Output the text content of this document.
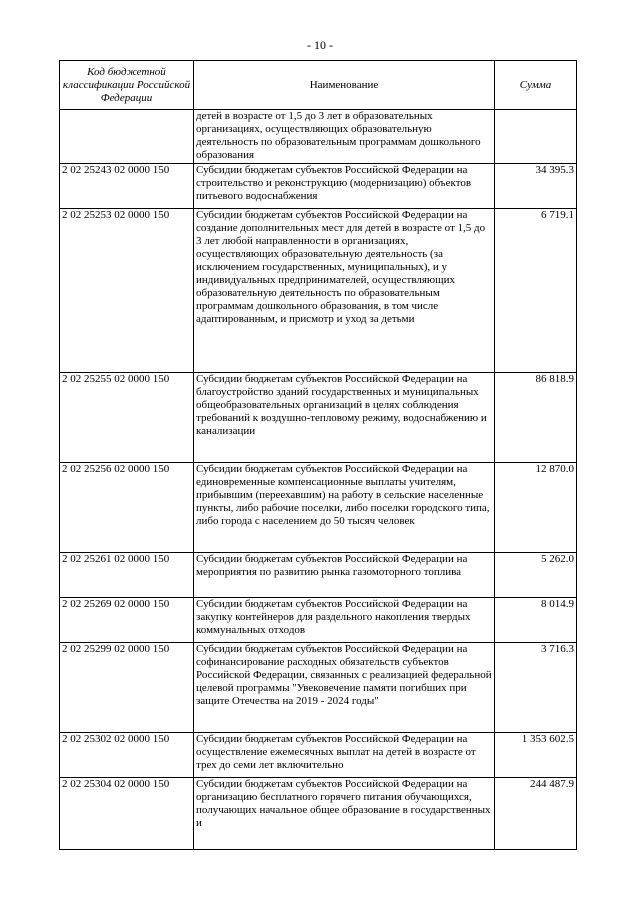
- 10 -
Код бюджетной классификации Российской Федерации	Наименование	Сумма
	детей в возрасте от 1,5 до 3 лет в образовательных организациях, осуществляющих образовательную деятельность по образовательным программам дошкольного образования	
2 02 25243 02 0000 150	Субсидии бюджетам субъектов Российской Федерации на строительство и реконструкцию (модернизацию) объектов питьевого водоснабжения	34 395.3
2 02 25253 02 0000 150	Субсидии бюджетам субъектов Российской Федерации на создание дополнительных мест для детей в возрасте от 1,5 до 3 лет любой направленности в организациях, осуществляющих образовательную деятельность (за исключением государственных, муниципальных), и у индивидуальных предпринимателей, осуществляющих образовательную деятельность по образовательным программам дошкольного образования, в том числе адаптированным, и присмотр и уход за детьми	6 719.1
2 02 25255 02 0000 150	Субсидии бюджетам субъектов Российской Федерации на благоустройство зданий государственных и муниципальных общеобразовательных организаций в целях соблюдения требований к воздушно-тепловому режиму, водоснабжению и канализации	86 818.9
2 02 25256 02 0000 150	Субсидии бюджетам субъектов Российской Федерации на единовременные компенсационные выплаты учителям, прибывшим (переехавшим) на работу в сельские населенные пункты, либо рабочие поселки, либо поселки городского типа, либо города с населением до 50 тысяч человек	12 870.0
2 02 25261 02 0000 150	Субсидии бюджетам субъектов Российской Федерации на мероприятия по развитию рынка газомоторного топлива	5 262.0
2 02 25269 02 0000 150	Субсидии бюджетам субъектов Российской Федерации на закупку контейнеров для раздельного накопления твердых коммунальных отходов	8 014.9
2 02 25299 02 0000 150	Субсидии бюджетам субъектов Российской Федерации на софинансирование расходных обязательств субъектов Российской Федерации, связанных с реализацией федеральной целевой программы "Увековечение памяти погибших при защите Отечества на 2019 - 2024 годы"	3 716.3
2 02 25302 02 0000 150	Субсидии бюджетам субъектов Российской Федерации на осуществление ежемесячных выплат на детей в возрасте от трех до семи лет включительно	1 353 602.5
2 02 25304 02 0000 150	Субсидии бюджетам субъектов Российской Федерации на организацию бесплатного горячего питания обучающихся, получающих начальное общее образование в государственных и	244 487.9
